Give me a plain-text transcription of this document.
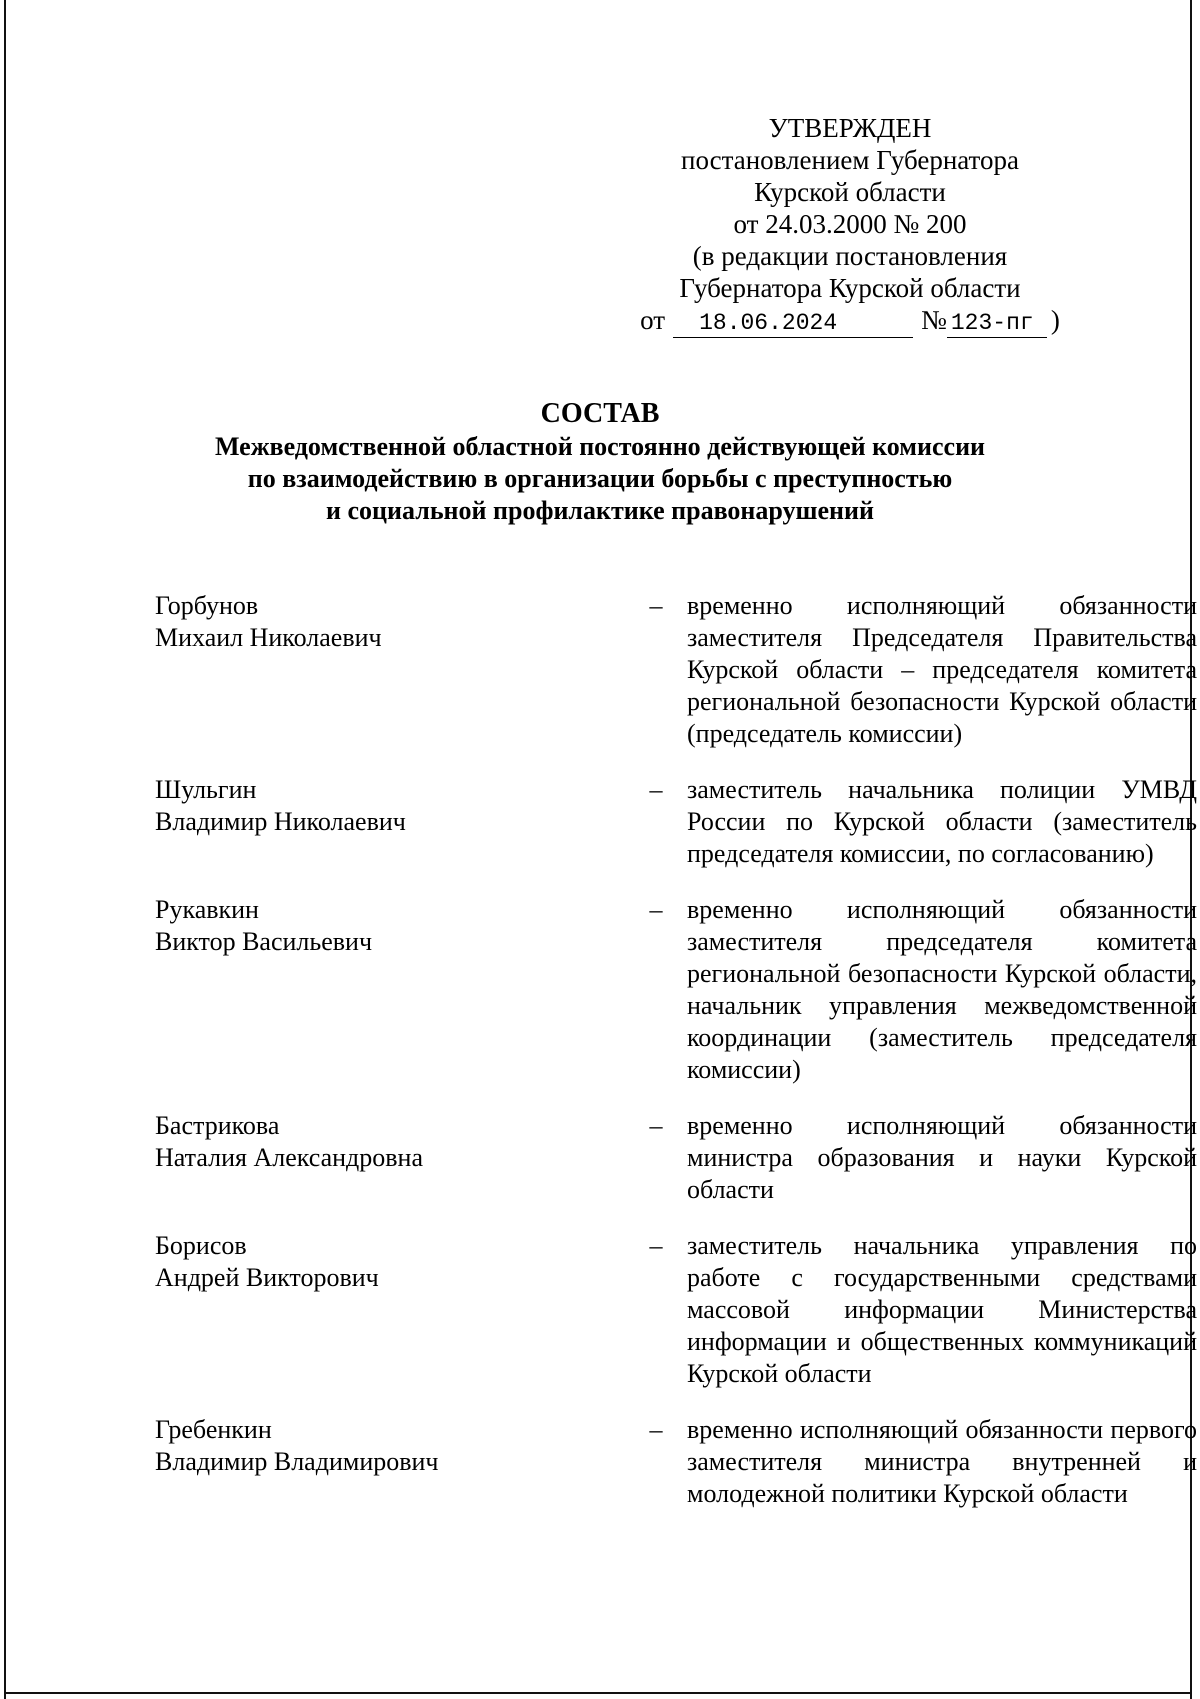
УТВЕРЖДЕН
постановлением Губернатора
Курской области
от 24.03.2000 № 200
(в редакции постановления
Губернатора Курской области
от 18.06.2024	№ 123-пг )
СОСТАВ
Межведомственной областной постоянно действующей комиссии
по взаимодействию в организации борьбы с преступностью
и социальной профилактике правонарушений
Горбунов
Михаил Николаевич
– временно исполняющий обязанности заместителя Председателя Правительства Курской области – председателя комитета региональной безопасности Курской области (председатель комиссии)
Шульгин
Владимир Николаевич
– заместитель начальника полиции УМВД России по Курской области (заместитель председателя комиссии, по согласованию)
Рукавкин
Виктор Васильевич
– временно исполняющий обязанности заместителя председателя комитета региональной безопасности Курской области, начальник управления межведомственной координации (заместитель председателя комиссии)
Бастрикова
Наталия Александровна
– временно исполняющий обязанности министра образования и науки Курской области
Борисов
Андрей Викторович
– заместитель начальника управления по работе с государственными средствами массовой информации Министерства информации и общественных коммуникаций Курской области
Гребенкин
Владимир Владимирович
– временно исполняющий обязанности первого заместителя министра внутренней и молодежной политики Курской области
